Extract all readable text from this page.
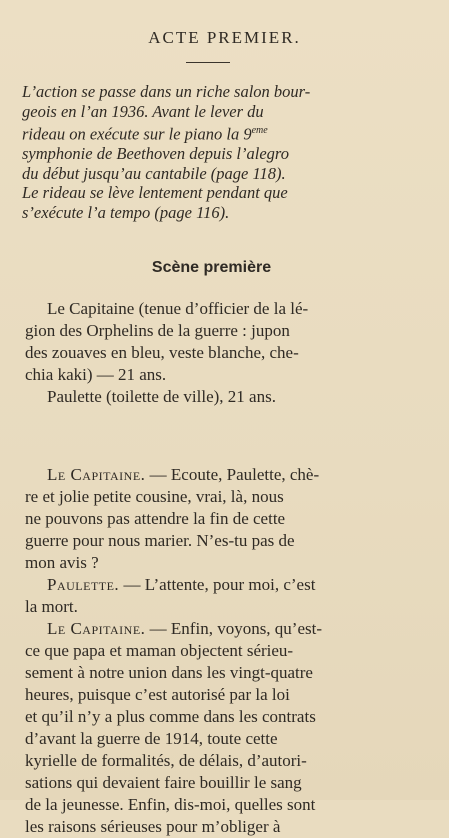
ACTE PREMIER.
L’action se passe dans un riche salon bour-
geois en l’an 1936. Avant le lever du
rideau on exécute sur le piano la 9eme
symphonie de Beethoven depuis l’alegro
du début jusqu’au cantabile (page 118).
Le rideau se lève lentement pendant que
s’exécute l’a tempo (page 116).
Scène première
Le Capitaine (tenue d’officier de la lé-
gion des Orphelins de la guerre : jupon
des zouaves en bleu, veste blanche, che-
chia kaki) — 21 ans.
Paulette (toilette de ville), 21 ans.
Le Capitaine. — Ecoute, Paulette, chè-
re et jolie petite cousine, vrai, là, nous
ne pouvons pas attendre la fin de cette
guerre pour nous marier. N’es-tu pas de
mon avis ?
Paulette. — L’attente, pour moi, c’est
la mort.
Le Capitaine. — Enfin, voyons, qu’est-
ce que papa et maman objectent sérieu-
sement à notre union dans les vingt-quatre
heures, puisque c’est autorisé par la loi
et qu’il n’y a plus comme dans les contrats
d’avant la guerre de 1914, toute cette
kyrielle de formalités, de délais, d’autori-
sations qui devaient faire bouillir le sang
de la jeunesse. Enfin, dis-moi, quelles sont
les raisons sérieuses pour m’obliger à
